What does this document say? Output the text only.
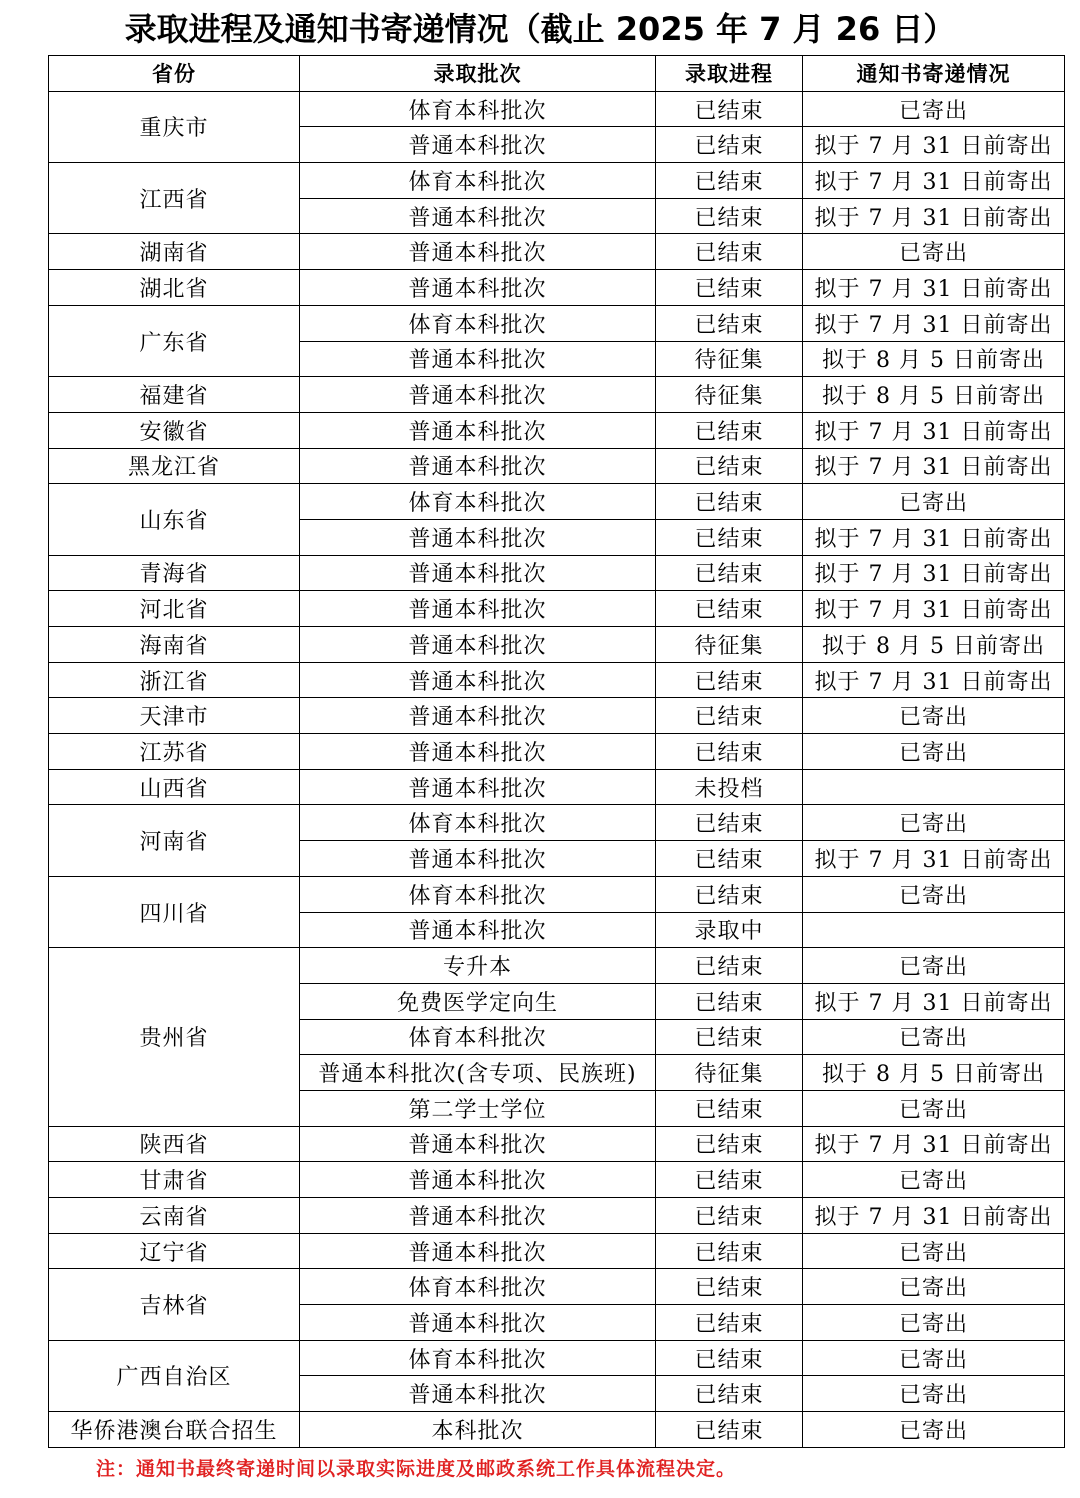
录取进程及通知书寄递情况（截止 2025 年 7 月 26 日）
省份	录取批次	录取进程	通知书寄递情况
重庆市	体育本科批次	已结束	已寄出
	普通本科批次	已结束	拟于 7 月 31 日前寄出
江西省	体育本科批次	已结束	拟于 7 月 31 日前寄出
	普通本科批次	已结束	拟于 7 月 31 日前寄出
湖南省	普通本科批次	已结束	已寄出
湖北省	普通本科批次	已结束	拟于 7 月 31 日前寄出
广东省	体育本科批次	已结束	拟于 7 月 31 日前寄出
	普通本科批次	待征集	拟于 8 月 5 日前寄出
福建省	普通本科批次	待征集	拟于 8 月 5 日前寄出
安徽省	普通本科批次	已结束	拟于 7 月 31 日前寄出
黑龙江省	普通本科批次	已结束	拟于 7 月 31 日前寄出
山东省	体育本科批次	已结束	已寄出
	普通本科批次	已结束	拟于 7 月 31 日前寄出
青海省	普通本科批次	已结束	拟于 7 月 31 日前寄出
河北省	普通本科批次	已结束	拟于 7 月 31 日前寄出
海南省	普通本科批次	待征集	拟于 8 月 5 日前寄出
浙江省	普通本科批次	已结束	拟于 7 月 31 日前寄出
天津市	普通本科批次	已结束	已寄出
江苏省	普通本科批次	已结束	已寄出
山西省	普通本科批次	未投档	
河南省	体育本科批次	已结束	已寄出
	普通本科批次	已结束	拟于 7 月 31 日前寄出
四川省	体育本科批次	已结束	已寄出
	普通本科批次	录取中	
贵州省	专升本	已结束	已寄出
	免费医学定向生	已结束	拟于 7 月 31 日前寄出
	体育本科批次	已结束	已寄出
	普通本科批次(含专项、民族班)	待征集	拟于 8 月 5 日前寄出
	第二学士学位	已结束	已寄出
陕西省	普通本科批次	已结束	拟于 7 月 31 日前寄出
甘肃省	普通本科批次	已结束	已寄出
云南省	普通本科批次	已结束	拟于 7 月 31 日前寄出
辽宁省	普通本科批次	已结束	已寄出
吉林省	体育本科批次	已结束	已寄出
	普通本科批次	已结束	已寄出
广西自治区	体育本科批次	已结束	已寄出
	普通本科批次	已结束	已寄出
华侨港澳台联合招生	本科批次	已结束	已寄出
注：通知书最终寄递时间以录取实际进度及邮政系统工作具体流程决定。
